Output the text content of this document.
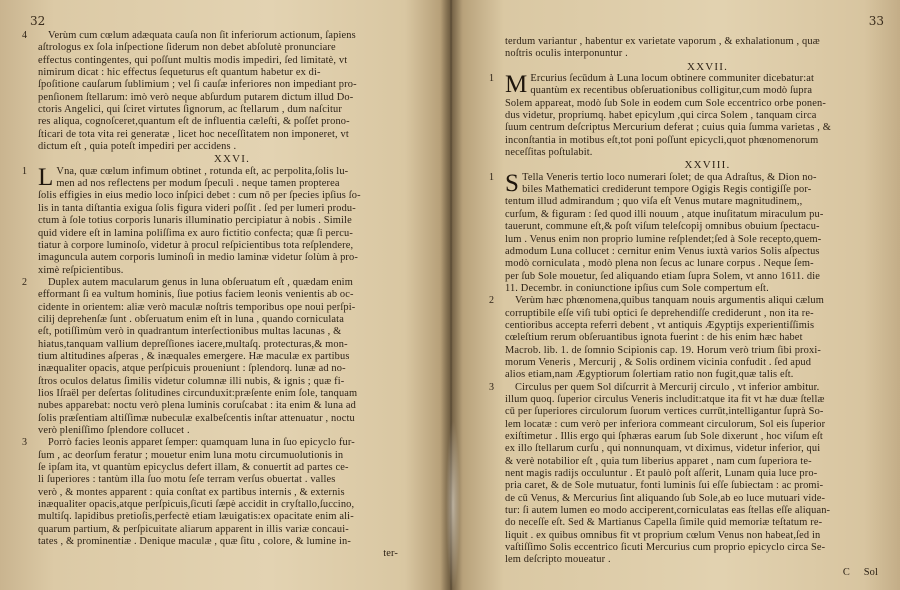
32
4	Verùm cum cœlum adæquata cauſa non ſit inferiorum actionum, ſapiens
aſtrologus ex ſola inſpectione ſiderum non debet abſolutè pronunciare
effectus contingentes, qui poſſunt multis modis impediri, ſed limitatè, vt
nimirum dicat : hic effectus ſequeturus eſt quantum habetur ex di-
ſpoſitione cauſarum ſublimium ; vel ſi cauſæ inferiores non impediant pro-
penſionem ſtellarum: imò verò neque abſurdum putarem dictum illud Do-
ctoris Angelici, qui ſciret virtutes ſignorum, ac ſtellarum , dum naſcitur
res aliqua, cognoſceret,quantum eſt de influentia cæleſti, & poſſet prono-
ſticari de tota vita rei generatæ , licet hoc neceſſitatem non imponeret, vt
dictum eſt , quia poteſt impediri per accidens .
XXVI.
1 L Vna, quæ cœlum infimum obtinet , rotunda eſt, ac perpolita,ſolis lu-
men ad nos reflectens per modum ſpeculi . neque tamen propterea
ſolis effigies in eius medio loco inſpici debet : cum nō per ſpecies ipſius ſo-
lis in tanta diſtantia exigua ſolis figura videri poſſit . ſed per lumeri produ-
ctum à ſole totius corporis lunaris illuminatio percipiatur à nobis . Simile
quid videre eſt in lamina poliſſima ex auro fictitio confecta; quæ ſi percu-
tiatur à corpore luminoſo, videtur à procul reſpicientibus tota reſplendere,
imaguncula autem corporis luminoſi in medio laminæ videtur ſolùm à pro-
ximè reſpicientibus.
2	Duplex autem macularum genus in luna obſeruatum eſt , quædam enim
efformant ſi ea vultum hominis, ſiue potius faciem leonis venientis ab oc-
cidente in orientem: aliæ verò maculæ noſtris temporibus ope noui perſpi-
cilij deprehenſæ ſunt . obſeruatum enim eſt in luna , quando corniculata
eſt, potiſſimùm verò in quadrantum interſectionibus multas lacunas , &
hiatus,tanquam vallium depreſſiones iacere,multaſq. protecturas,& mon-
tium altitudines aſperas , & inæquales emergere. Hæ maculæ ex partibus
inæqualiter opacis, atque perſpicuis proueniunt : ſplendorq. lunæ ad no-
ſtros oculos delatus ſimilis videtur columnæ illi nubis, & ignis ; quæ fi-
lios Iſraël per deſertas ſolitudines circunduxit:præſente enim ſole, tanquam
nubes apparebat: noctu verò plena luminis coruſcabat : ita enim & luna ad
ſolis præſentiam altiſſimæ nubeculæ exalbeſcentis inſtar attenuatur , noctu
verò pleniſſimo ſplendore collucet .
3	Porrò facies leonis apparet ſemper: quamquam luna in ſuo epicyclo fur-
ſum , ac deorſum feratur ; mouetur enim luna motu circumuolutionis in
ſe ipſam ita, vt quantùm epicyclus defert illam, & conuertit ad partes ce-
li ſuperiores : tantùm illa ſuo motu ſeſe terram verſus obuertat . valles
verò , & montes apparent : quia conſtat ex partibus internis , & externis
inæqualiter opacis,atque perſpicuis,ſicuti ſæpè accidit in cryſtallo,ſuccino,
multiſq. lapidibus pretioſis,perfectè etiam læuigatis:ex opacitate enim ali-
quarum partium, & perſpicuitate aliarum apparent in illis variæ concaui-
tates , & prominentiæ . Denique maculæ , quæ ſitu , colore, & lumine in-
ter-
33
terdum variantur , habentur ex varietate vaporum , & exhalationum , quæ
noſtris oculis interponuntur .
XXVII.
1 M Ercurius ſecūdum à Luna locum obtinere communiter dicebatur:at
quantùm ex recentibus obſeruationibus colligitur,cum modò ſupra
Solem appareat, modò ſub Sole in eodem cum Sole eccentrico orbe ponen-
dus videtur, propriumq. habet epicylum ,qui circa Solem , tanquam circa
ſuum centrum deſcriptus Mercurium deferat ; cuius quia ſumma varietas , &
inconſtantia in motibus eſt,tot poni poſſunt epicycli,quot phœnomenorum
neceſſitas poſtulabit.
XXVIII.
1 S Tella Veneris tertio loco numerari ſolet; de qua Adraſtus, & Dion no-
biles Mathematici crediderunt tempore Ogigis Regis contigiſſe por-
tentum illud admirandum ; quo viſa eſt Venus mutare magnitudinem,,
curſum, & figuram : ſed quod illi nouum , atque inuſitatum miraculum pu-
tauerunt, commune eſt,& poſt viſum teleſcopij omnibus obuium ſpectacu-
lum . Venus enim non proprio lumine reſplendet;ſed à Sole recepto,quem-
admodum Luna collucet : cernitur enim Venus iuxtà varios Solis aſpectus
modò corniculata , modò plena non ſecus ac lunare corpus . Neque ſem-
per ſub Sole mouetur, ſed aliquando etiam ſupra Solem, vt anno 1611. die
11. Decembr. in coniunctione ipſius cum Sole compertum eſt.
2	Verùm hæc phœnomena,quibus tanquam nouis argumentis aliqui cælum
corruptibile eſſe viſi tubi optici ſe deprehendiſſe crediderunt , non ita re-
centioribus accepta referri debent , vt antiquis Ægyptijs experientiſſimis
cœleſtium rerum obſeruantibus ignota fuerint : de his enim hæc habet
Macrob. lib. 1. de ſomnio Scipionis cap. 19. Horum verò trium ſibi proxi-
morum Veneris , Mercurij , & Solis ordinem vicinia confudit . ſed apud
alios etiam,nam Ægyptiorum ſolertiam ratio non fugit,quæ talis eſt.
3	Circulus per quem Sol diſcurrit à Mercurij circulo , vt inferior ambitur.
illum quoq. ſuperior circulus Veneris includit:atque ita fit vt hæ duæ ſtellæ
cū per ſuperiores circulorum ſuorum vertices currūt,intelligantur ſuprà So-
lem locatæ : cum verò per inferiora commeant circulorum, Sol eis ſuperior
exiſtimetur . Illis ergo qui ſphæras earum ſub Sole dixerunt , hoc viſum eſt
ex illo ſtellarum curſu , qui nonnunquam, vt diximus, videtur inferior, qui
& verè notabilior eſt , quia tum liberius apparet , nam cum ſuperiora te-
nent magis radijs occuluntur . Et paulò poſt aſſerit, Lunam quia luce pro-
pria caret, & de Sole mutuatur, fonti luminis ſui eſſe ſubiectam : ac promi-
de cū Venus, & Mercurius ſint aliquando ſub Sole,ab eo luce mutuari vide-
tur: ſi autem lumen eo modo acciperent,corniculatas eas ſtellas eſſe aliquan-
do neceſſe eſt. Sed & Martianus Capella ſimile quid memoriæ teſtatum re-
liquit . ex quibus omnibus fit vt proprium cœlum Venus non habeat,ſed in
vaſtiſſimo Solis eccentrico ſicuti Mercurius cum proprio epicyclo circa Se-
lem deſcripto moueatur .
C Sol
